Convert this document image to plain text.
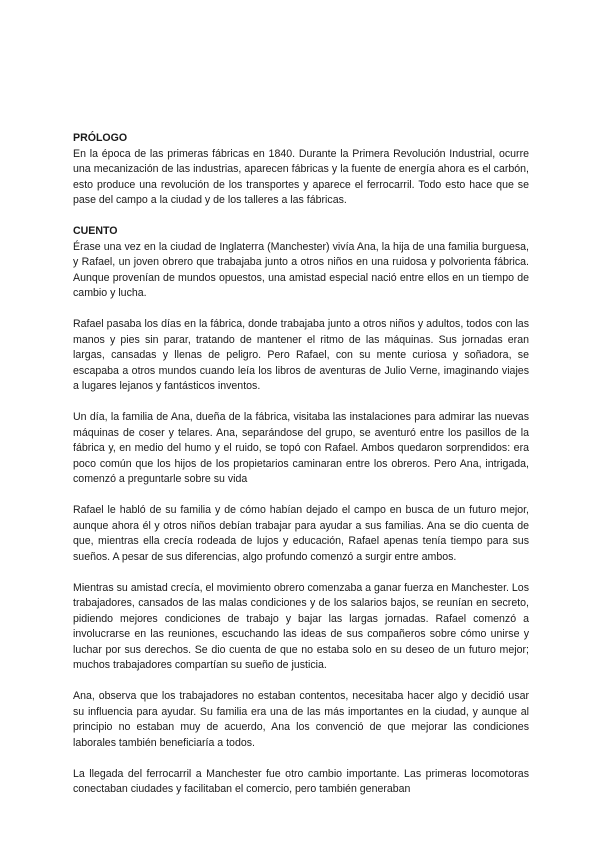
PRÓLOGO

En la época de las primeras fábricas en 1840. Durante la Primera Revolución Industrial, ocurre una mecanización de las industrias, aparecen fábricas y la fuente de energía ahora es el carbón, esto produce una revolución de los transportes y aparece el ferrocarril. Todo esto hace que se pase del campo a la ciudad y de los talleres a las fábricas.

CUENTO

Érase una vez en la ciudad de Inglaterra (Manchester) vivía Ana, la hija de una familia burguesa, y Rafael, un joven obrero que trabajaba junto a otros niños en una ruidosa y polvorienta fábrica. Aunque provenían de mundos opuestos, una amistad especial nació entre ellos en un tiempo de cambio y lucha.

Rafael pasaba los días en la fábrica, donde trabajaba junto a otros niños y adultos, todos con las manos y pies sin parar, tratando de mantener el ritmo de las máquinas. Sus jornadas eran largas, cansadas y llenas de peligro. Pero Rafael, con su mente curiosa y soñadora, se escapaba a otros mundos cuando leía los libros de aventuras de Julio Verne, imaginando viajes a lugares lejanos y fantásticos inventos.

Un día, la familia de Ana, dueña de la fábrica, visitaba las instalaciones para admirar las nuevas máquinas de coser y telares. Ana, separándose del grupo, se aventuró entre los pasillos de la fábrica y, en medio del humo y el ruido, se topó con Rafael. Ambos quedaron sorprendidos: era poco común que los hijos de los propietarios caminaran entre los obreros. Pero Ana, intrigada, comenzó a preguntarle sobre su vida

Rafael le habló de su familia y de cómo habían dejado el campo en busca de un futuro mejor, aunque ahora él y otros niños debían trabajar para ayudar a sus familias. Ana se dio cuenta de que, mientras ella crecía rodeada de lujos y educación, Rafael apenas tenía tiempo para sus sueños. A pesar de sus diferencias, algo profundo comenzó a surgir entre ambos.

Mientras su amistad crecía, el movimiento obrero comenzaba a ganar fuerza en Manchester. Los trabajadores, cansados de las malas condiciones y de los salarios bajos, se reunían en secreto, pidiendo mejores condiciones de trabajo y bajar las largas jornadas. Rafael comenzó a involucrarse en las reuniones, escuchando las ideas de sus compañeros sobre cómo unirse y luchar por sus derechos. Se dio cuenta de que no estaba solo en su deseo de un futuro mejor; muchos trabajadores compartían su sueño de justicia.

Ana, observa que los trabajadores no estaban contentos, necesitaba hacer algo y decidió usar su influencia para ayudar. Su familia era una de las más importantes en la ciudad, y aunque al principio no estaban muy de acuerdo, Ana los convenció de que mejorar las condiciones laborales también beneficiaría a todos.

La llegada del ferrocarril a Manchester fue otro cambio importante. Las primeras locomotoras conectaban ciudades y facilitaban el comercio, pero también generaban
